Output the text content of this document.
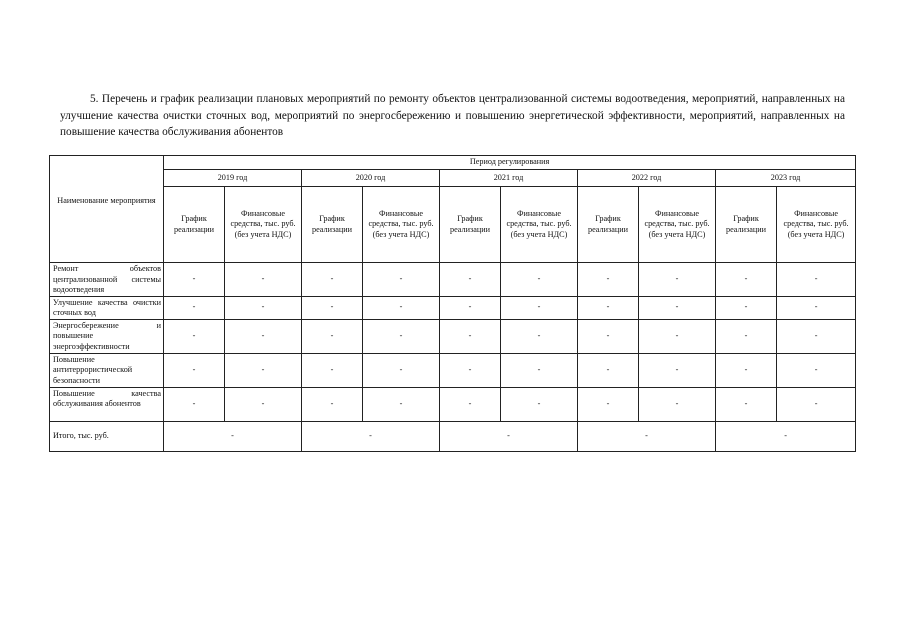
5. Перечень и график реализации плановых мероприятий по ремонту объектов централизованной системы водоотведения, мероприятий, направленных на улучшение качества очистки сточных вод, мероприятий по энергосбережению и повышению энергетической эффективности, мероприятий, направленных на повышение качества обслуживания абонентов

Наименование мероприятия	Период регулирования									
	2019 год		2020 год		2021 год		2022 год		2023 год	
	График реализации	Финансовые средства, тыс. руб. (без учета НДС)	График реализации	Финансовые средства, тыс. руб. (без учета НДС)	График реализации	Финансовые средства, тыс. руб. (без учета НДС)	График реализации	Финансовые средства, тыс. руб. (без учета НДС)	График реализации	Финансовые средства, тыс. руб. (без учета НДС)
Ремонт объектов централизованной системы водоотведения	-	-	-	-	-	-	-	-	-	-
Улучшение качества очистки сточных вод	-	-	-	-	-	-	-	-	-	-
Энергосбережение и повышение энергоэффективности	-	-	-	-	-	-	-	-	-	-
Повышение антитеррористической безопасности	-	-	-	-	-	-	-	-	-	-
Повышение качества обслуживания абонентов	-	-	-	-	-	-	-	-	-	-
Итого, тыс. руб.	-		-		-		-		-	
